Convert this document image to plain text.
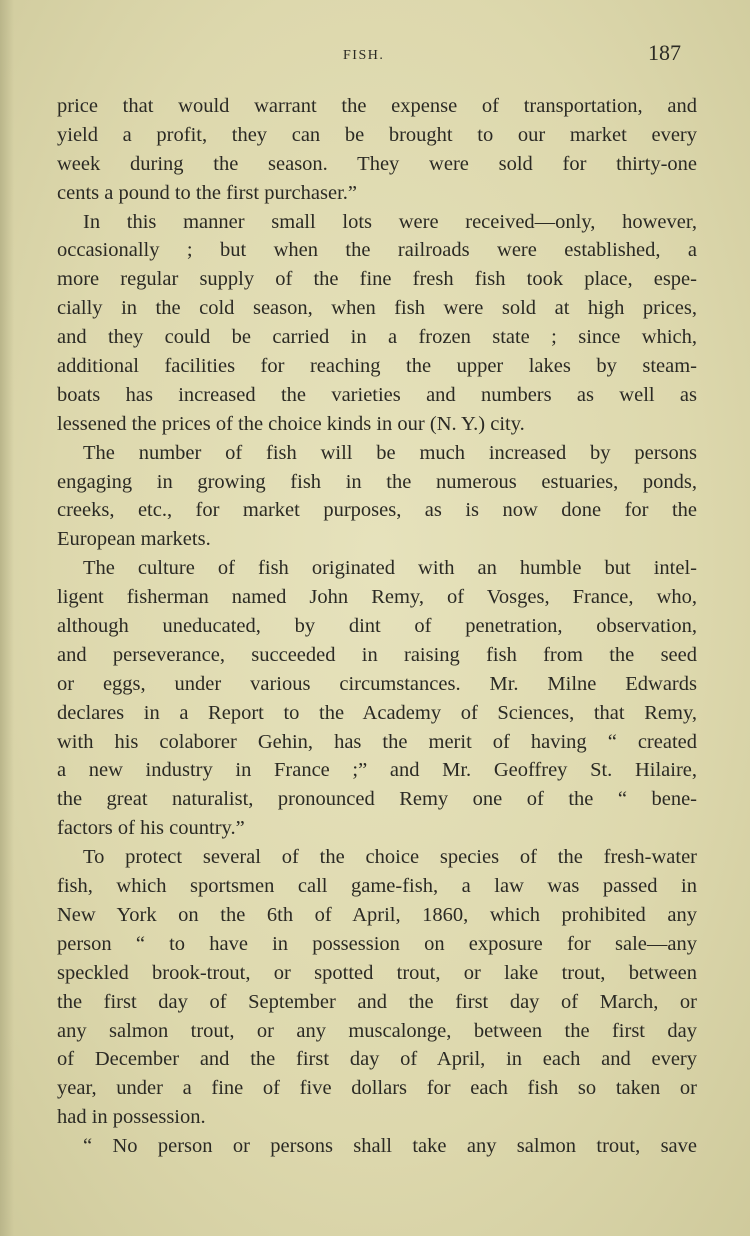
FISH.	187
price that would warrant the expense of transportation, and
yield a profit, they can be brought to our market every
week during the season. They were sold for thirty-one
cents a pound to the first purchaser.”
In this manner small lots were received—only, however,
occasionally ; but when the railroads were established, a
more regular supply of the fine fresh fish took place, espe-
cially in the cold season, when fish were sold at high prices,
and they could be carried in a frozen state ; since which,
additional facilities for reaching the upper lakes by steam-
boats has increased the varieties and numbers as well as
lessened the prices of the choice kinds in our (N. Y.) city.
The number of fish will be much increased by persons
engaging in growing fish in the numerous estuaries, ponds,
creeks, etc., for market purposes, as is now done for the
European markets.
The culture of fish originated with an humble but intel-
ligent fisherman named John Remy, of Vosges, France, who,
although uneducated, by dint of penetration, observation,
and perseverance, succeeded in raising fish from the seed
or eggs, under various circumstances. Mr. Milne Edwards
declares in a Report to the Academy of Sciences, that Remy,
with his colaborer Gehin, has the merit of having “ created
a new industry in France ;” and Mr. Geoffrey St. Hilaire,
the great naturalist, pronounced Remy one of the “ bene-
factors of his country.”
To protect several of the choice species of the fresh-water
fish, which sportsmen call game-fish, a law was passed in
New York on the 6th of April, 1860, which prohibited any
person “ to have in possession on exposure for sale—any
speckled brook-trout, or spotted trout, or lake trout, between
the first day of September and the first day of March, or
any salmon trout, or any muscalonge, between the first day
of December and the first day of April, in each and every
year, under a fine of five dollars for each fish so taken or
had in possession.
“ No person or persons shall take any salmon trout, save
